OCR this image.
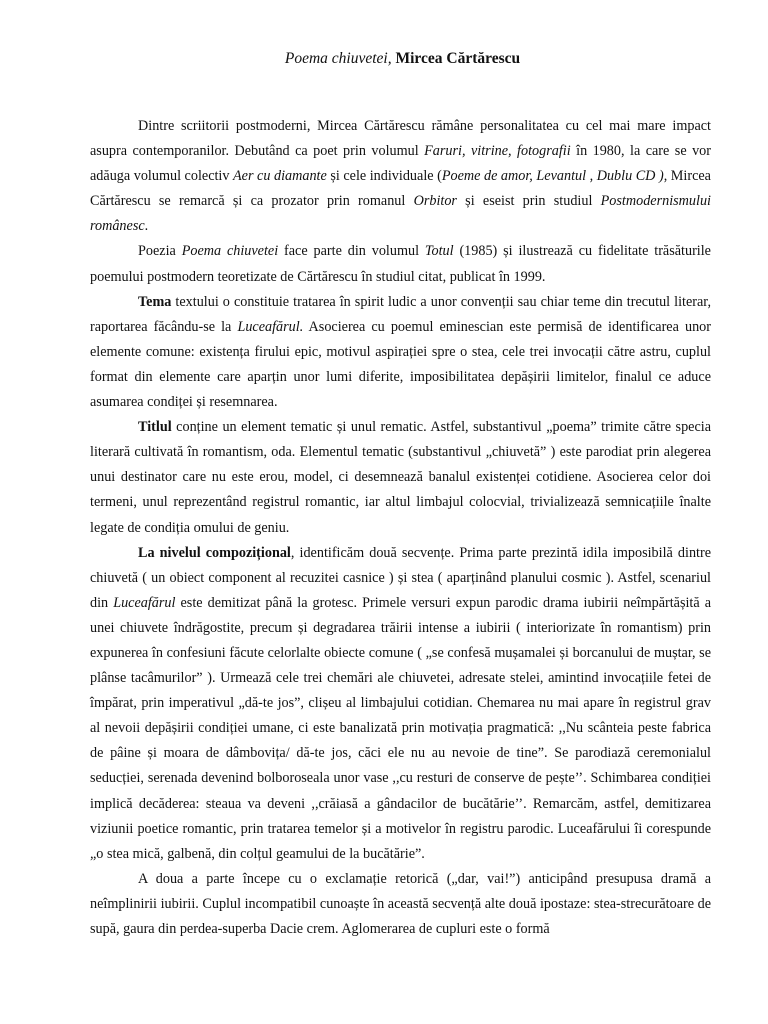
Poema chiuvetei, Mircea Cărtărescu

Dintre scriitorii postmoderni, Mircea Cărtărescu rămâne personalitatea cu cel mai mare impact asupra contemporanilor. Debutând ca poet prin volumul Faruri, vitrine, fotografii în 1980, la care se vor adăuga volumul colectiv Aer cu diamante și cele individuale (Poeme de amor, Levantul , Dublu CD ), Mircea Cărtărescu se remarcă și ca prozator prin romanul Orbitor și eseist prin studiul Postmodernismului românesc.

Poezia Poema chiuvetei face parte din volumul Totul (1985) și ilustrează cu fidelitate trăsăturile poemului postmodern teoretizate de Cărtărescu în studiul citat, publicat în 1999.

Tema textului o constituie tratarea în spirit ludic a unor convenții sau chiar teme din trecutul literar, raportarea făcându-se la Luceafărul. Asocierea cu poemul eminescian este permisă de identificarea unor elemente comune: existența firului epic, motivul aspirației spre o stea, cele trei invocații către astru, cuplul format din elemente care aparțin unor lumi diferite, imposibilitatea depășirii limitelor, finalul ce aduce asumarea condiței și resemnarea.

Titlul conține un element tematic și unul rematic. Astfel, substantivul „poema” trimite către specia literară cultivată în romantism, oda. Elementul tematic (substantivul „chiuvetă” ) este parodiat prin alegerea unui destinator care nu este erou, model, ci desemnează banalul existenței cotidiene. Asocierea celor doi termeni, unul reprezentând registrul romantic, iar altul limbajul colocvial, trivializează semnicațiile înalte legate de condiția omului de geniu.

La nivelul compozițional, identificăm două secvențe. Prima parte prezintă idila imposibilă dintre chiuvetă ( un obiect component al recuzitei casnice ) și stea ( aparținând planului cosmic ). Astfel, scenariul din Luceafărul este demitizat până la grotesc. Primele versuri expun parodic drama iubirii neîmpărtășită a unei chiuvete îndrăgostite, precum și degradarea trăirii intense a iubirii ( interiorizate în romantism) prin expunerea în confesiuni făcute celorlalte obiecte comune ( „se confesă mușamalei și borcanului de muștar, se plânse tacâmurilor” ). Urmează cele trei chemări ale chiuvetei, adresate stelei, amintind invocațiile fetei de împărat, prin imperativul „dă-te jos”, clișeu al limbajului cotidian. Chemarea nu mai apare în registrul grav al nevoii depășirii condiției umane, ci este banalizată prin motivația pragmatică: ,,Nu scânteia peste fabrica de pâine și moara de dâmbovița/ dă-te jos, căci ele nu au nevoie de tine”. Se parodiază ceremonialul seducției, serenada devenind bolboroseala unor vase ,,cu resturi de conserve de pește’’. Schimbarea condiției implică decăderea: steaua va deveni ,,crăiasă a gândacilor de bucătărie’’. Remarcăm, astfel, demitizarea viziunii poetice romantic, prin tratarea temelor și a motivelor în registru parodic. Luceafărului îi corespunde „o stea mică, galbenă, din colțul geamului de la bucătărie”.

A doua a parte începe cu o exclamație retorică („dar, vai!”) anticipând presupusa dramă a neîmplinirii iubirii. Cuplul incompatibil cunoaște în această secvență alte două ipostaze: stea-strecurătoare de supă, gaura din perdea-superba Dacie crem. Aglomerarea de cupluri este o formă
